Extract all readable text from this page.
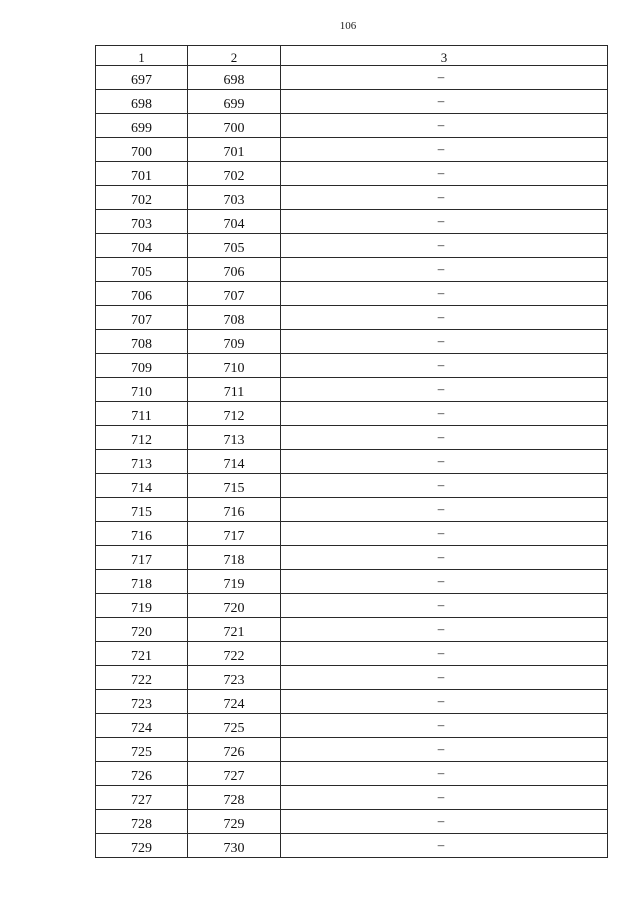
106
1	2	3
697	698	–
698	699	–
699	700	–
700	701	–
701	702	–
702	703	–
703	704	–
704	705	–
705	706	–
706	707	–
707	708	–
708	709	–
709	710	–
710	711	–
711	712	–
712	713	–
713	714	–
714	715	–
715	716	–
716	717	–
717	718	–
718	719	–
719	720	–
720	721	–
721	722	–
722	723	–
723	724	–
724	725	–
725	726	–
726	727	–
727	728	–
728	729	–
729	730	–
